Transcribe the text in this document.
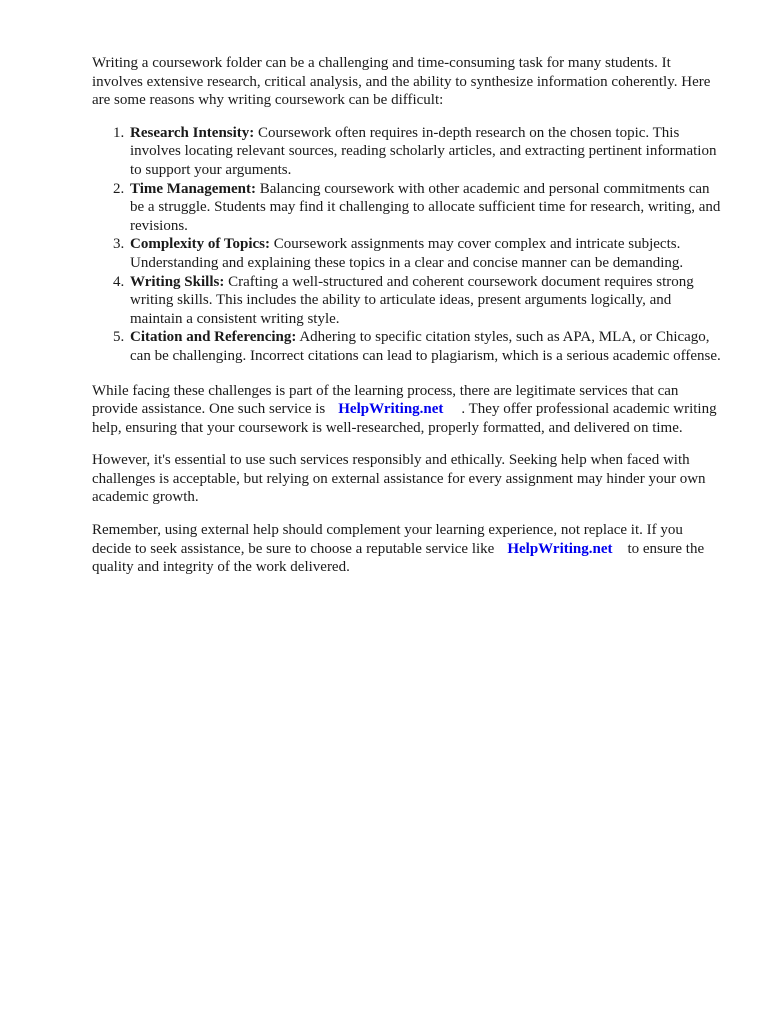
Writing a coursework folder can be a challenging and time-consuming task for many students. It involves extensive research, critical analysis, and the ability to synthesize information coherently. Here are some reasons why writing coursework can be difficult:

1. Research Intensity: Coursework often requires in-depth research on the chosen topic. This involves locating relevant sources, reading scholarly articles, and extracting pertinent information to support your arguments.
2. Time Management: Balancing coursework with other academic and personal commitments can be a struggle. Students may find it challenging to allocate sufficient time for research, writing, and revisions.
3. Complexity of Topics: Coursework assignments may cover complex and intricate subjects. Understanding and explaining these topics in a clear and concise manner can be demanding.
4. Writing Skills: Crafting a well-structured and coherent coursework document requires strong writing skills. This includes the ability to articulate ideas, present arguments logically, and maintain a consistent writing style.
5. Citation and Referencing: Adhering to specific citation styles, such as APA, MLA, or Chicago, can be challenging. Incorrect citations can lead to plagiarism, which is a serious academic offense.

While facing these challenges is part of the learning process, there are legitimate services that can provide assistance. One such service is HelpWriting.net . They offer professional academic writing help, ensuring that your coursework is well-researched, properly formatted, and delivered on time.

However, it's essential to use such services responsibly and ethically. Seeking help when faced with challenges is acceptable, but relying on external assistance for every assignment may hinder your own academic growth.

Remember, using external help should complement your learning experience, not replace it. If you decide to seek assistance, be sure to choose a reputable service like HelpWriting.net to ensure the quality and integrity of the work delivered.
